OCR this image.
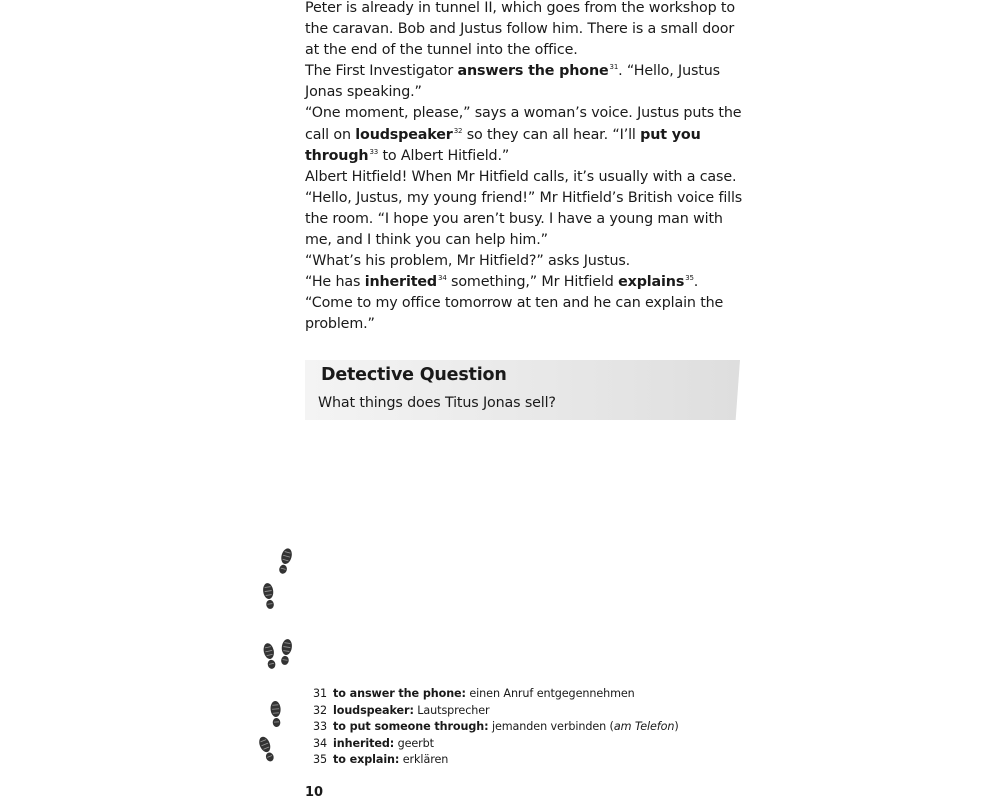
Peter is already in tunnel II, which goes from the workshop to the caravan. Bob and Justus follow him. There is a small door at the end of the tunnel into the office.

The First Investigator answers the phone$^{31}$. “Hello, Justus Jonas speaking.”

“One moment, please,” says a woman’s voice. Justus puts the call on loudspeaker$^{32}$ so they can all hear. “I’ll put you through$^{33}$ to Albert Hitfield.”

Albert Hitfield! When Mr Hitfield calls, it’s usually with a case.

“Hello, Justus, my young friend!” Mr Hitfield’s British voice fills the room. “I hope you aren’t busy. I have a young man with me, and I think you can help him.”

“What’s his problem, Mr Hitfield?” asks Justus.

“He has inherited$^{34}$ something,” Mr Hitfield explains$^{35}$. “Come to my office tomorrow at ten and he can explain the problem.”

Detective Question
What things does Titus Jonas sell?
31 to answer the phone: einen Anruf entgegennehmen
32 loudspeaker: Lautsprecher
33 to put someone through: jemanden verbinden (am Telefon)
34 inherited: geerbt
35 to explain: erklären
10
